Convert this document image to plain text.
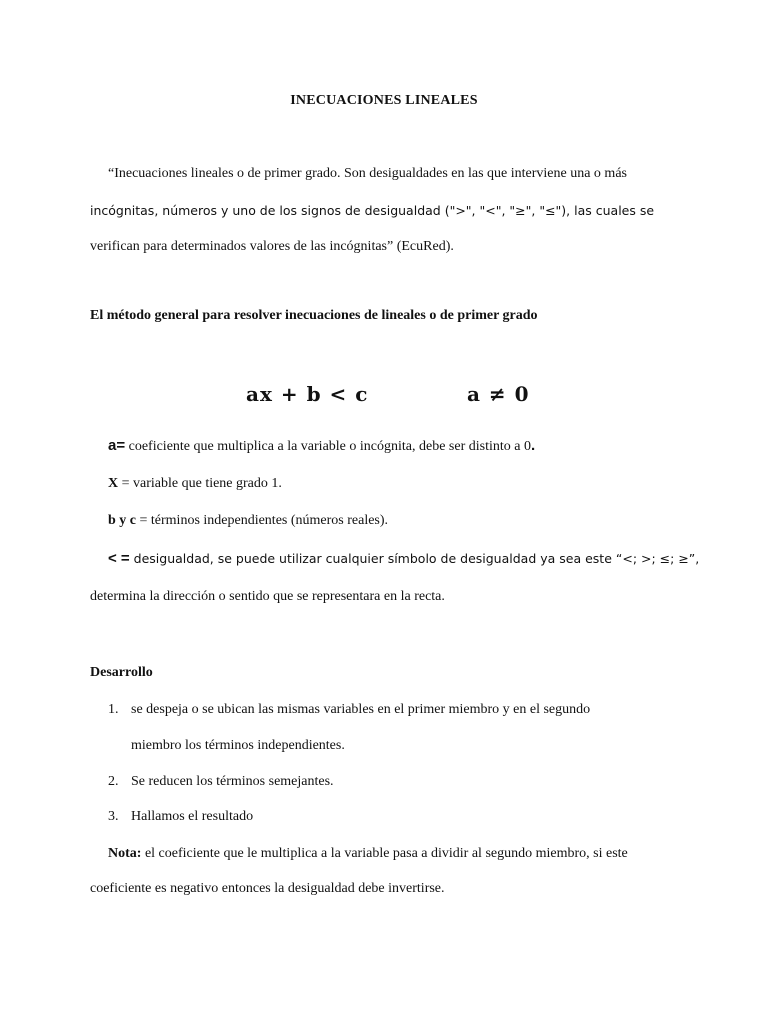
INECUACIONES LINEALES
“Inecuaciones lineales o de primer grado. Son desigualdades en las que interviene una o más
incógnitas, números y uno de los signos de desigualdad (">", "<", "≥", "≤"), las cuales se
verifican para determinados valores de las incógnitas” (EcuRed).
El método general para resolver inecuaciones de lineales o de primer grado
ax + b < c	a ≠ 0
a= coeficiente que multiplica a la variable o incógnita, debe ser distinto a 0.
X = variable que tiene grado 1.
b y c = términos independientes (números reales).
< = desigualdad, se puede utilizar cualquier símbolo de desigualdad ya sea este “<; >; ≤; ≥”,
determina la dirección o sentido que se representara en la recta.
Desarrollo
1. se despeja o se ubican las mismas variables en el primer miembro y en el segundo
miembro los términos independientes.
2. Se reducen los términos semejantes.
3. Hallamos el resultado
Nota: el coeficiente que le multiplica a la variable pasa a dividir al segundo miembro, si este
coeficiente es negativo entonces la desigualdad debe invertirse.
